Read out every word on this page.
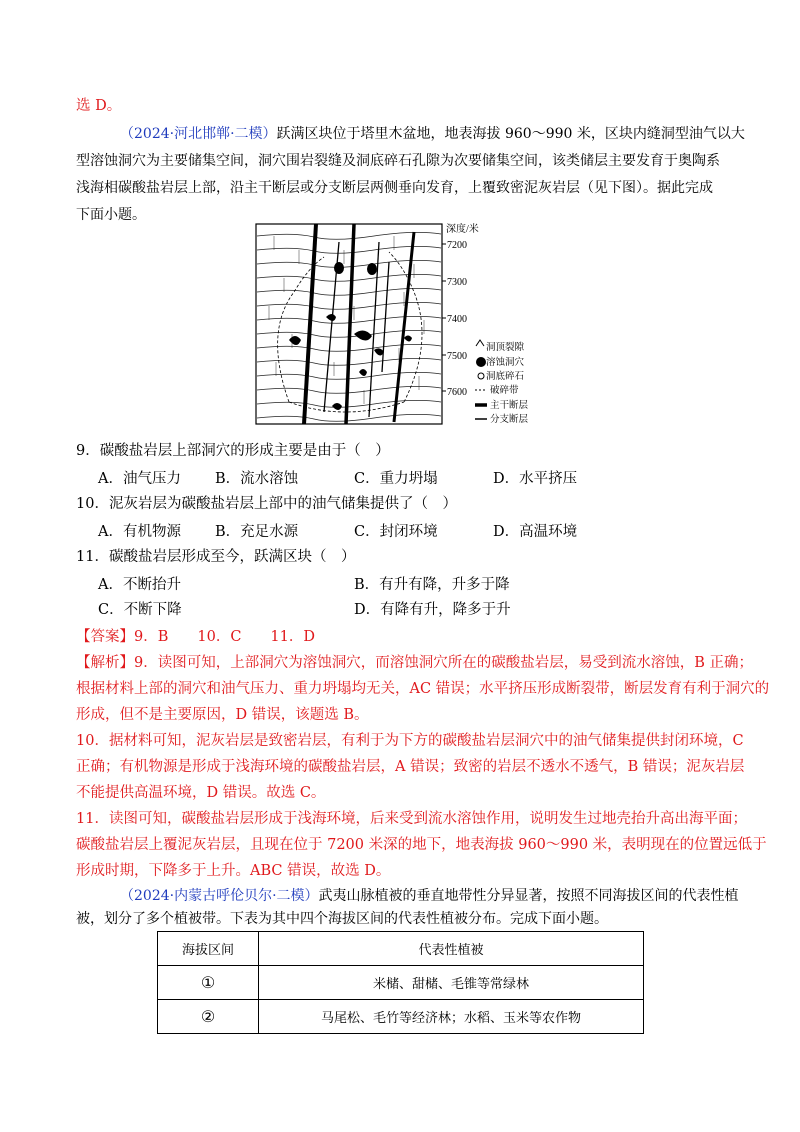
选 D。
（2024·河北邯郸·二模）跃满区块位于塔里木盆地，地表海拔 960～990 米，区块内缝洞型油气以大
型溶蚀洞穴为主要储集空间，洞穴围岩裂缝及洞底碎石孔隙为次要储集空间，该类储层主要发育于奥陶系
浅海相碳酸盐岩层上部，沿主干断层或分支断层两侧垂向发育，上覆致密泥灰岩层（见下图）。据此完成
下面小题。
深度/米
7200
7300
7400
7500
7600
洞顶裂隙
溶蚀洞穴
洞底碎石
破碎带
主干断层
分支断层
9．碳酸盐岩层上部洞穴的形成主要是由于（　）
A．油气压力 B．流水溶蚀	C．重力坍塌	D．水平挤压
10．泥灰岩层为碳酸盐岩层上部中的油气储集提供了（　）
A．有机物源 B．充足水源	C．封闭环境	D．高温环境
11．碳酸盐岩层形成至今，跃满区块（　）
A．不断抬升	B．有升有降，升多于降
C．不断下降	D．有降有升，降多于升
【答案】9．B　　10．C　　11．D
【解析】9．读图可知，上部洞穴为溶蚀洞穴，而溶蚀洞穴所在的碳酸盐岩层，易受到流水溶蚀，B 正确；
根据材料上部的洞穴和油气压力、重力坍塌均无关，AC 错误；水平挤压形成断裂带，断层发育有利于洞穴的
形成，但不是主要原因，D 错误，该题选 B。
10．据材料可知，泥灰岩层是致密岩层，有利于为下方的碳酸盐岩层洞穴中的油气储集提供封闭环境，C
正确；有机物源是形成于浅海环境的碳酸盐岩层，A 错误；致密的岩层不透水不透气，B 错误；泥灰岩层
不能提供高温环境，D 错误。故选 C。
11．读图可知，碳酸盐岩层形成于浅海环境，后来受到流水溶蚀作用，说明发生过地壳抬升高出海平面；
碳酸盐岩层上覆泥灰岩层，且现在位于 7200 米深的地下，地表海拔 960～990 米，表明现在的位置远低于
形成时期，下降多于上升。ABC 错误，故选 D。
（2024·内蒙古呼伦贝尔·二模）武夷山脉植被的垂直地带性分异显著，按照不同海拔区间的代表性植
被，划分了多个植被带。下表为其中四个海拔区间的代表性植被分布。完成下面小题。
海拔区间	代表性植被
①	米槠、甜槠、毛锥等常绿林
②	马尾松、毛竹等经济林；水稻、玉米等农作物
